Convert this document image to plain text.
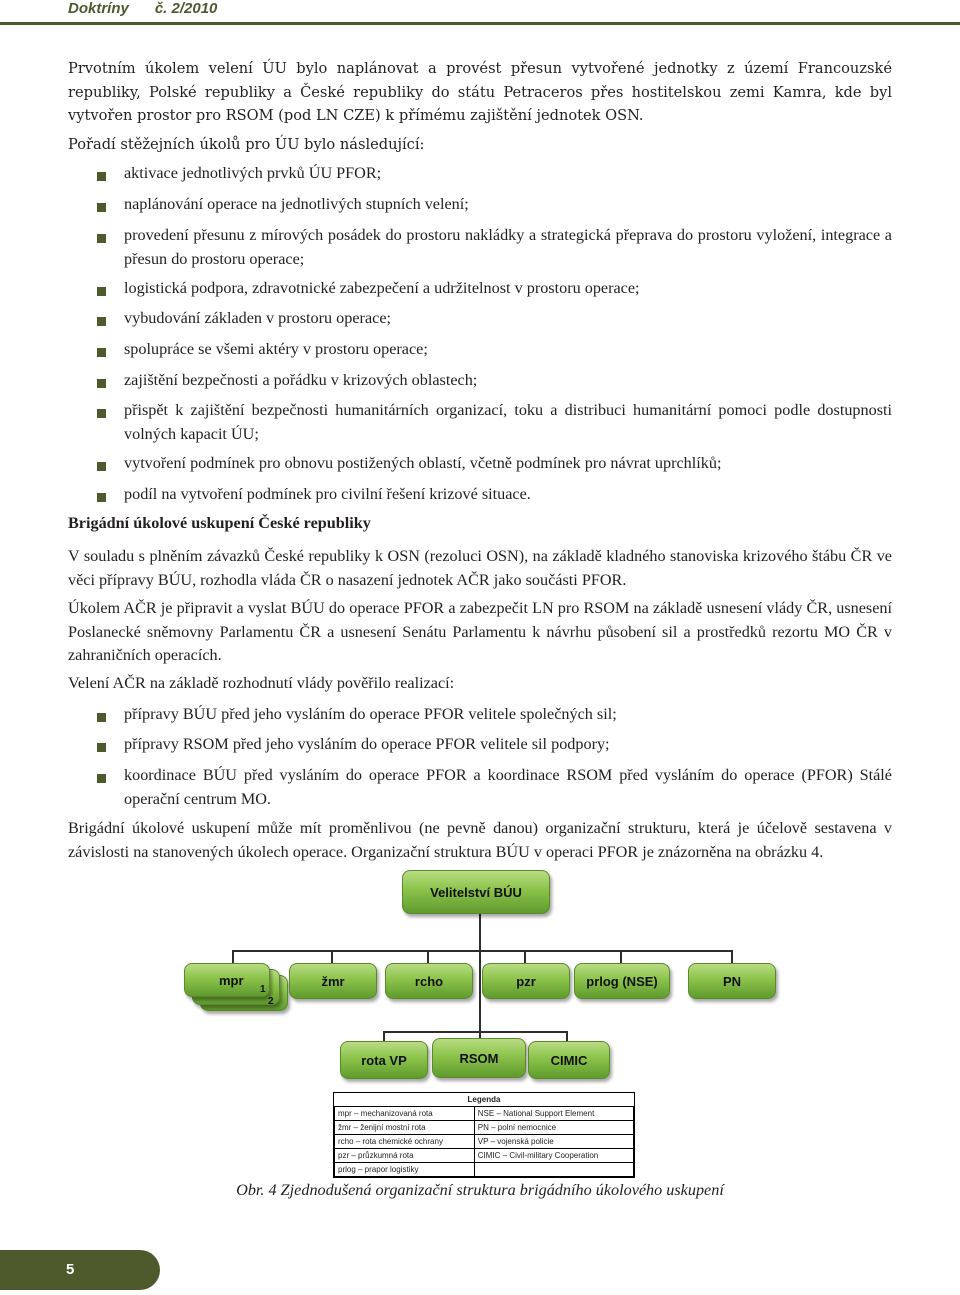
Doktríny č. 2/2010

Prvotním úkolem velení ÚU bylo naplánovat a provést přesun vytvořené jednotky z území Francouzské republiky, Polské republiky a České republiky do státu Petraceros přes hostitelskou zemi Kamra, kde byl vytvořen prostor pro RSOM (pod LN CZE) k přímému zajištění jednotek OSN.

Pořadí stěžejních úkolů pro ÚU bylo následující:

aktivace jednotlivých prvků ÚU PFOR;
naplánování operace na jednotlivých stupních velení;
provedení přesunu z mírových posádek do prostoru nakládky a strategická přeprava do prostoru vyložení, integrace a přesun do prostoru operace;
logistická podpora, zdravotnické zabezpečení a udržitelnost v prostoru operace;
vybudování základen v prostoru operace;
spolupráce se všemi aktéry v prostoru operace;
zajištění bezpečnosti a pořádku v krizových oblastech;
přispět k zajištění bezpečnosti humanitárních organizací, toku a distribuci humanitární pomoci podle dostupnosti volných kapacit ÚU;
vytvoření podmínek pro obnovu postižených oblastí, včetně podmínek pro návrat uprchlíků;
podíl na vytvoření podmínek pro civilní řešení krizové situace.
Brigádní úkolové uskupení České republiky

V souladu s plněním závazků České republiky k OSN (rezoluci OSN), na základě kladného stanoviska krizového štábu ČR ve věci přípravy BÚU, rozhodla vláda ČR o nasazení jednotek AČR jako součásti PFOR.

Úkolem AČR je připravit a vyslat BÚU do operace PFOR a zabezpečit LN pro RSOM na základě usnesení vlády ČR, usnesení Poslanecké sněmovny Parlamentu ČR a usnesení Senátu Parlamentu k návrhu působení sil a prostředků rezortu MO ČR v zahraničních operacích.

Velení AČR na základě rozhodnutí vlády pověřilo realizací:

přípravy BÚU před jeho vysláním do operace PFOR velitele společných sil;
přípravy RSOM před jeho vysláním do operace PFOR velitele sil podpory;
koordinace BÚU před vysláním do operace PFOR a koordinace RSOM před vysláním do operace (PFOR) Stálé operační centrum MO.

Brigádní úkolové uskupení může mít proměnlivou (ne pevně danou) organizační strukturu, která je účelově sestavena v závislosti na stanovených úkolech operace. Organizační struktura BÚU v operaci PFOR je znázorněna na obrázku 4.

Velitelství BÚU
mpr
1
2
žmr	rcho	pzr	prlog (NSE)	PN
rota VP	RSOM	CIMIC
Legenda
mpr – mechanizovaná rota	NSE – National Support Element
žmr – ženijní mostní rota	PN – polní nemocnice
rcho – rota chemické ochrany	VP – vojenská policie
pzr – průzkumná rota	CIMIC – Civil-military Cooperation
prlog – prapor logistiky	
Obr. 4 Zjednodušená organizační struktura brigádního úkolového uskupení
5
